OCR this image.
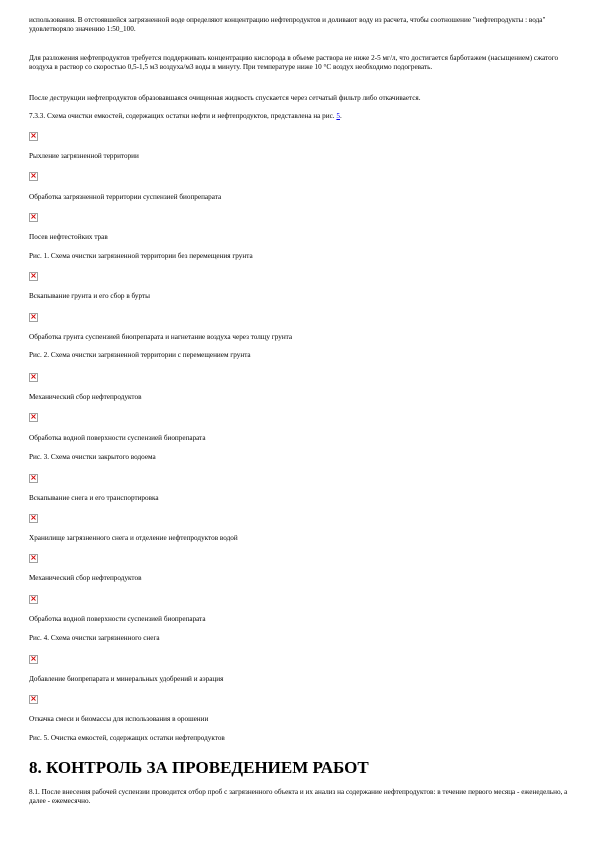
использования. В отстоявшейся загрязненной воде определяют концентрацию нефтепродуктов и доливают воду из расчета, чтобы соотношение "нефтепродукты : вода" удовлетворяло значению 1:50_100.

Для разложения нефтепродуктов требуется поддерживать концентрацию кислорода в объеме раствора не ниже 2-5 мг/л, что достигается барботажем (насыщением) сжатого воздуха в раствор со скоростью 0,5-1,5 м3 воздуха/м3 воды в минуту. При температуре ниже 10 °С воздух необходимо подогревать.

После деструкции нефтепродуктов образовавшаяся очищенная жидкость спускается через сетчатый фильтр либо откачивается.

7.3.3. Схема очистки емкостей, содержащих остатки нефти и нефтепродуктов, представлена на рис. 5.

×
Рыхление загрязненной территории
×
Обработка загрязненной территории суспензией биопрепарата
×
Посев нефтестойких трав
Рис. 1. Схема очистки загрязненной территории без перемещения грунта
×
Вскапывание грунта и его сбор в бурты
×
Обработка грунта суспензией биопрепарата и нагнетание воздуха через толщу грунта
Рис. 2. Схема очистки загрязненной территории с перемещением грунта
×
Механический сбор нефтепродуктов
×
Обработка водной поверхности суспензией биопрепарата
Рис. 3. Схема очистки закрытого водоема
×
Вскапывание снега и его транспортировка
×
Хранилище загрязненного снега и отделение нефтепродуктов водой
×
Механический сбор нефтепродуктов
×
Обработка водной поверхности суспензией биопрепарата
Рис. 4. Схема очистки загрязненного снега
×
Добавление биопрепарата и минеральных удобрений и аэрация
×
Откачка смеси и биомассы для использования в орошении
Рис. 5. Очистка емкостей, содержащих остатки нефтепродуктов
8. КОНТРОЛЬ ЗА ПРОВЕДЕНИЕМ РАБОТ

8.1. После внесения рабочей суспензии проводится отбор проб с загрязненного объекта и их анализ на содержание нефтепродуктов: в течение первого месяца - еженедельно, а далее - ежемесячно.
